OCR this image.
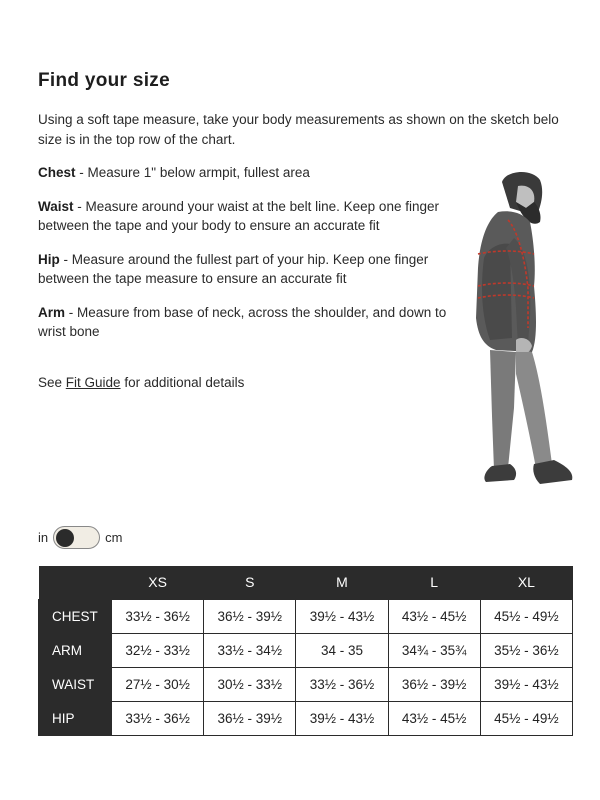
Find your size
Using a soft tape measure, take your body measurements as shown on the sketch belo
size is in the top row of the chart.

Chest - Measure 1" below armpit, fullest area

Waist - Measure around your waist at the belt line. Keep one finger between the tape and your body to ensure an accurate fit

Hip - Measure around the fullest part of your hip. Keep one finger between the tape measure to ensure an accurate fit

Arm - Measure from base of neck, across the shoulder, and down to wrist bone

See Fit Guide for additional details

in	cm
	XS	S	M	L	XL
CHEST	33½ - 36½	36½ - 39½	39½ - 43½	43½ - 45½	45½ - 49½
ARM	32½ - 33½	33½ - 34½	34 - 35	34¾ - 35¾	35½ - 36½
WAIST	27½ - 30½	30½ - 33½	33½ - 36½	36½ - 39½	39½ - 43½
HIP	33½ - 36½	36½ - 39½	39½ - 43½	43½ - 45½	45½ - 49½
